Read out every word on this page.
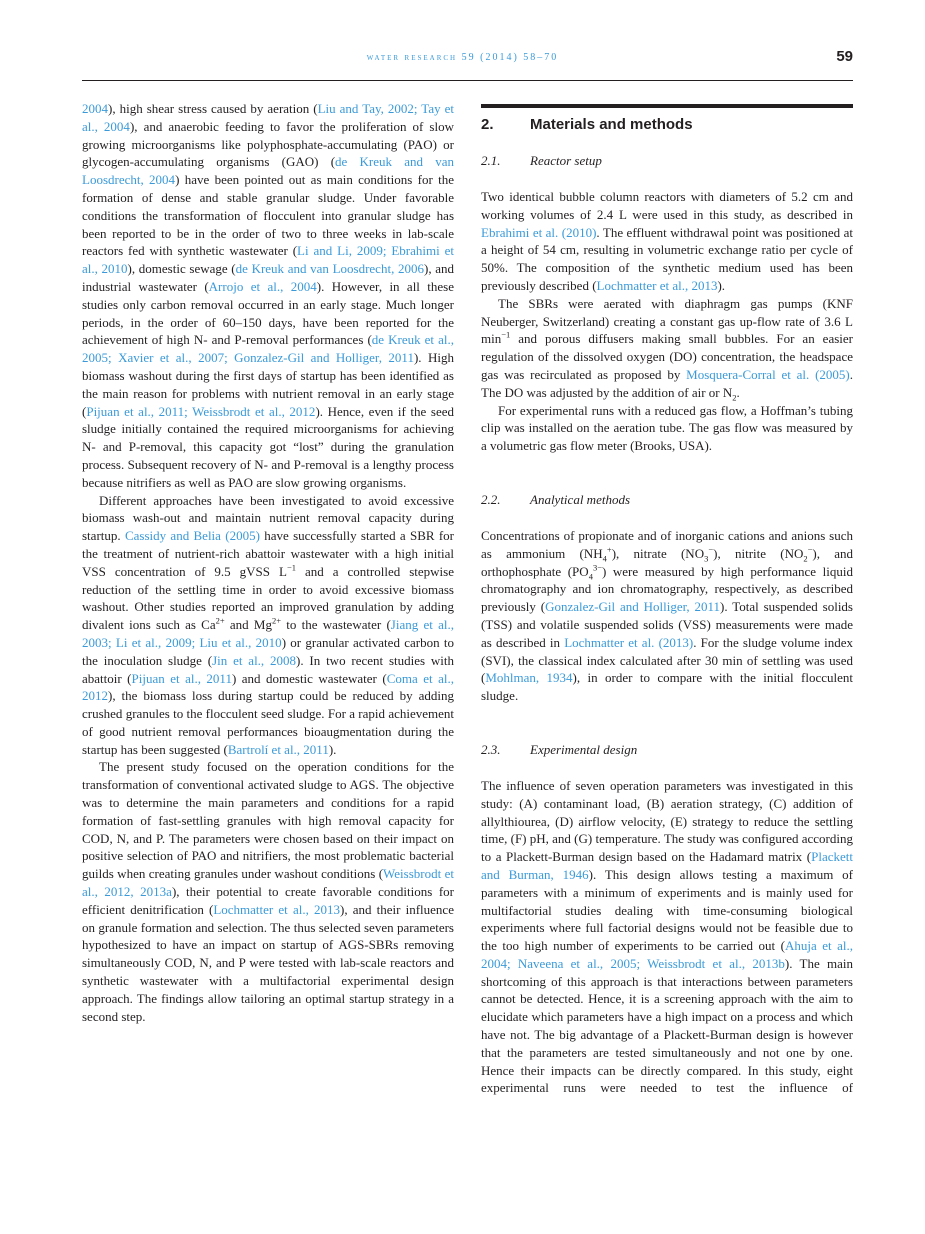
water research 59 (2014) 58–70	59

2004), high shear stress caused by aeration (Liu and Tay, 2002; Tay et al., 2004), and anaerobic feeding to favor the proliferation of slow growing microorganisms like polyphosphate-accumulating (PAO) or glycogen-accumulating organisms (GAO) (de Kreuk and van Loosdrecht, 2004) have been pointed out as main conditions for the formation of dense and stable granular sludge. Under favorable conditions the transformation of flocculent into granular sludge has been reported to be in the order of two to three weeks in lab-scale reactors fed with synthetic wastewater (Li and Li, 2009; Ebrahimi et al., 2010), domestic sewage (de Kreuk and van Loosdrecht, 2006), and industrial wastewater (Arrojo et al., 2004). However, in all these studies only carbon removal occurred in an early stage. Much longer periods, in the order of 60–150 days, have been reported for the achievement of high N- and P-removal performances (de Kreuk et al., 2005; Xavier et al., 2007; Gonzalez-Gil and Holliger, 2011). High biomass washout during the first days of startup has been identified as the main reason for problems with nutrient removal in an early stage (Pijuan et al., 2011; Weissbrodt et al., 2012). Hence, even if the seed sludge initially contained the required microorganisms for achieving N- and P-removal, this capacity got “lost” during the granulation process. Subsequent recovery of N- and P-removal is a lengthy process because nitrifiers as well as PAO are slow growing organisms.

Different approaches have been investigated to avoid excessive biomass wash-out and maintain nutrient removal capacity during startup. Cassidy and Belia (2005) have successfully started a SBR for the treatment of nutrient-rich abattoir wastewater with a high initial VSS concentration of 9.5 gVSS $L^{-1}$ and a controlled stepwise reduction of the settling time in order to avoid excessive biomass washout. Other studies reported an improved granulation by adding divalent ions such as $Ca^{2+}$ and $Mg^{2+}$ to the wastewater (Jiang et al., 2003; Li et al., 2009; Liu et al., 2010) or granular activated carbon to the inoculation sludge (Jin et al., 2008). In two recent studies with abattoir (Pijuan et al., 2011) and domestic wastewater (Coma et al., 2012), the biomass loss during startup could be reduced by adding crushed granules to the flocculent seed sludge. For a rapid achievement of good nutrient removal performances bioaugmentation during the startup has been suggested (Bartrolí et al., 2011).

The present study focused on the operation conditions for the transformation of conventional activated sludge to AGS. The objective was to determine the main parameters and conditions for a rapid formation of fast-settling granules with high removal capacity for COD, N, and P. The parameters were chosen based on their impact on positive selection of PAO and nitrifiers, the most problematic bacterial guilds when creating granules under washout conditions (Weissbrodt et al., 2012, 2013a), their potential to create favorable conditions for efficient denitrification (Lochmatter et al., 2013), and their influence on granule formation and selection. The thus selected seven parameters hypothesized to have an impact on startup of AGS-SBRs removing simultaneously COD, N, and P were tested with lab-scale reactors and synthetic wastewater with a multifactorial experimental design approach. The findings allow tailoring an optimal startup strategy in a second step.

2.	Materials and methods
2.1.	Reactor setup

Two identical bubble column reactors with diameters of 5.2 cm and working volumes of 2.4 L were used in this study, as described in Ebrahimi et al. (2010). The effluent withdrawal point was positioned at a height of 54 cm, resulting in volumetric exchange ratio per cycle of 50%. The composition of the synthetic medium used has been previously described (Lochmatter et al., 2013).

The SBRs were aerated with diaphragm gas pumps (KNF Neuberger, Switzerland) creating a constant gas up-flow rate of 3.6 L $\min^{-1}$ and porous diffusers making small bubbles. For an easier regulation of the dissolved oxygen (DO) concentration, the headspace gas was recirculated as proposed by Mosquera-Corral et al. (2005). The DO was adjusted by the addition of air or $N_2$.

For experimental runs with a reduced gas flow, a Hoffman’s tubing clip was installed on the aeration tube. The gas flow was measured by a volumetric gas flow meter (Brooks, USA).

2.2.	Analytical methods

Concentrations of propionate and of inorganic cations and anions such as ammonium $(NH_4^+)$, nitrate $(NO_3^-)$, nitrite $(NO_2^-)$, and orthophosphate $(PO_4^{3-})$ were measured by high performance liquid chromatography and ion chromatography, respectively, as described previously (Gonzalez-Gil and Holliger, 2011). Total suspended solids (TSS) and volatile suspended solids (VSS) measurements were made as described in Lochmatter et al. (2013). For the sludge volume index (SVI), the classical index calculated after 30 min of settling was used (Mohlman, 1934), in order to compare with the initial flocculent sludge.

2.3.	Experimental design

The influence of seven operation parameters was investigated in this study: (A) contaminant load, (B) aeration strategy, (C) addition of allylthiourea, (D) airflow velocity, (E) strategy to reduce the settling time, (F) pH, and (G) temperature. The study was configured according to a Plackett-Burman design based on the Hadamard matrix (Plackett and Burman, 1946). This design allows testing a maximum of parameters with a minimum of experiments and is mainly used for multifactorial studies dealing with time-consuming biological experiments where full factorial designs would not be feasible due to the too high number of experiments to be carried out (Ahuja et al., 2004; Naveena et al., 2005; Weissbrodt et al., 2013b). The main shortcoming of this approach is that interactions between parameters cannot be detected. Hence, it is a screening approach with the aim to elucidate which parameters have a high impact on a process and which have not. The big advantage of a Plackett-Burman design is however that the parameters are tested simultaneously and not one by one. Hence their impacts can be directly compared. In this study, eight experimental runs were needed to test the influence of
